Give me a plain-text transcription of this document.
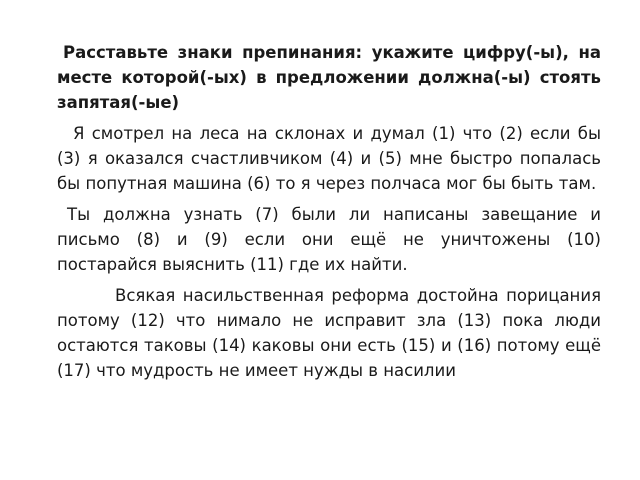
Расставьте знаки препинания: укажите цифру(-ы), на месте которой(-ых) в предложении должна(-ы) стоять запятая(-ые)

Я смотрел на леса на склонах и думал (1) что (2) если бы (3) я оказался счастливчиком (4) и (5) мне быстро попалась бы попутная машина (6) то я через полчаса мог бы быть там.

Ты должна узнать (7) были ли написаны завещание и письмо (8) и (9) если они ещё не уничтожены (10) постарайся выяснить (11) где их найти.

Всякая насильственная реформа достойна порицания потому (12) что нимало не исправит зла (13) пока люди остаются таковы (14) каковы они есть (15) и (16) потому ещё (17) что мудрость не имеет нужды в насилии
